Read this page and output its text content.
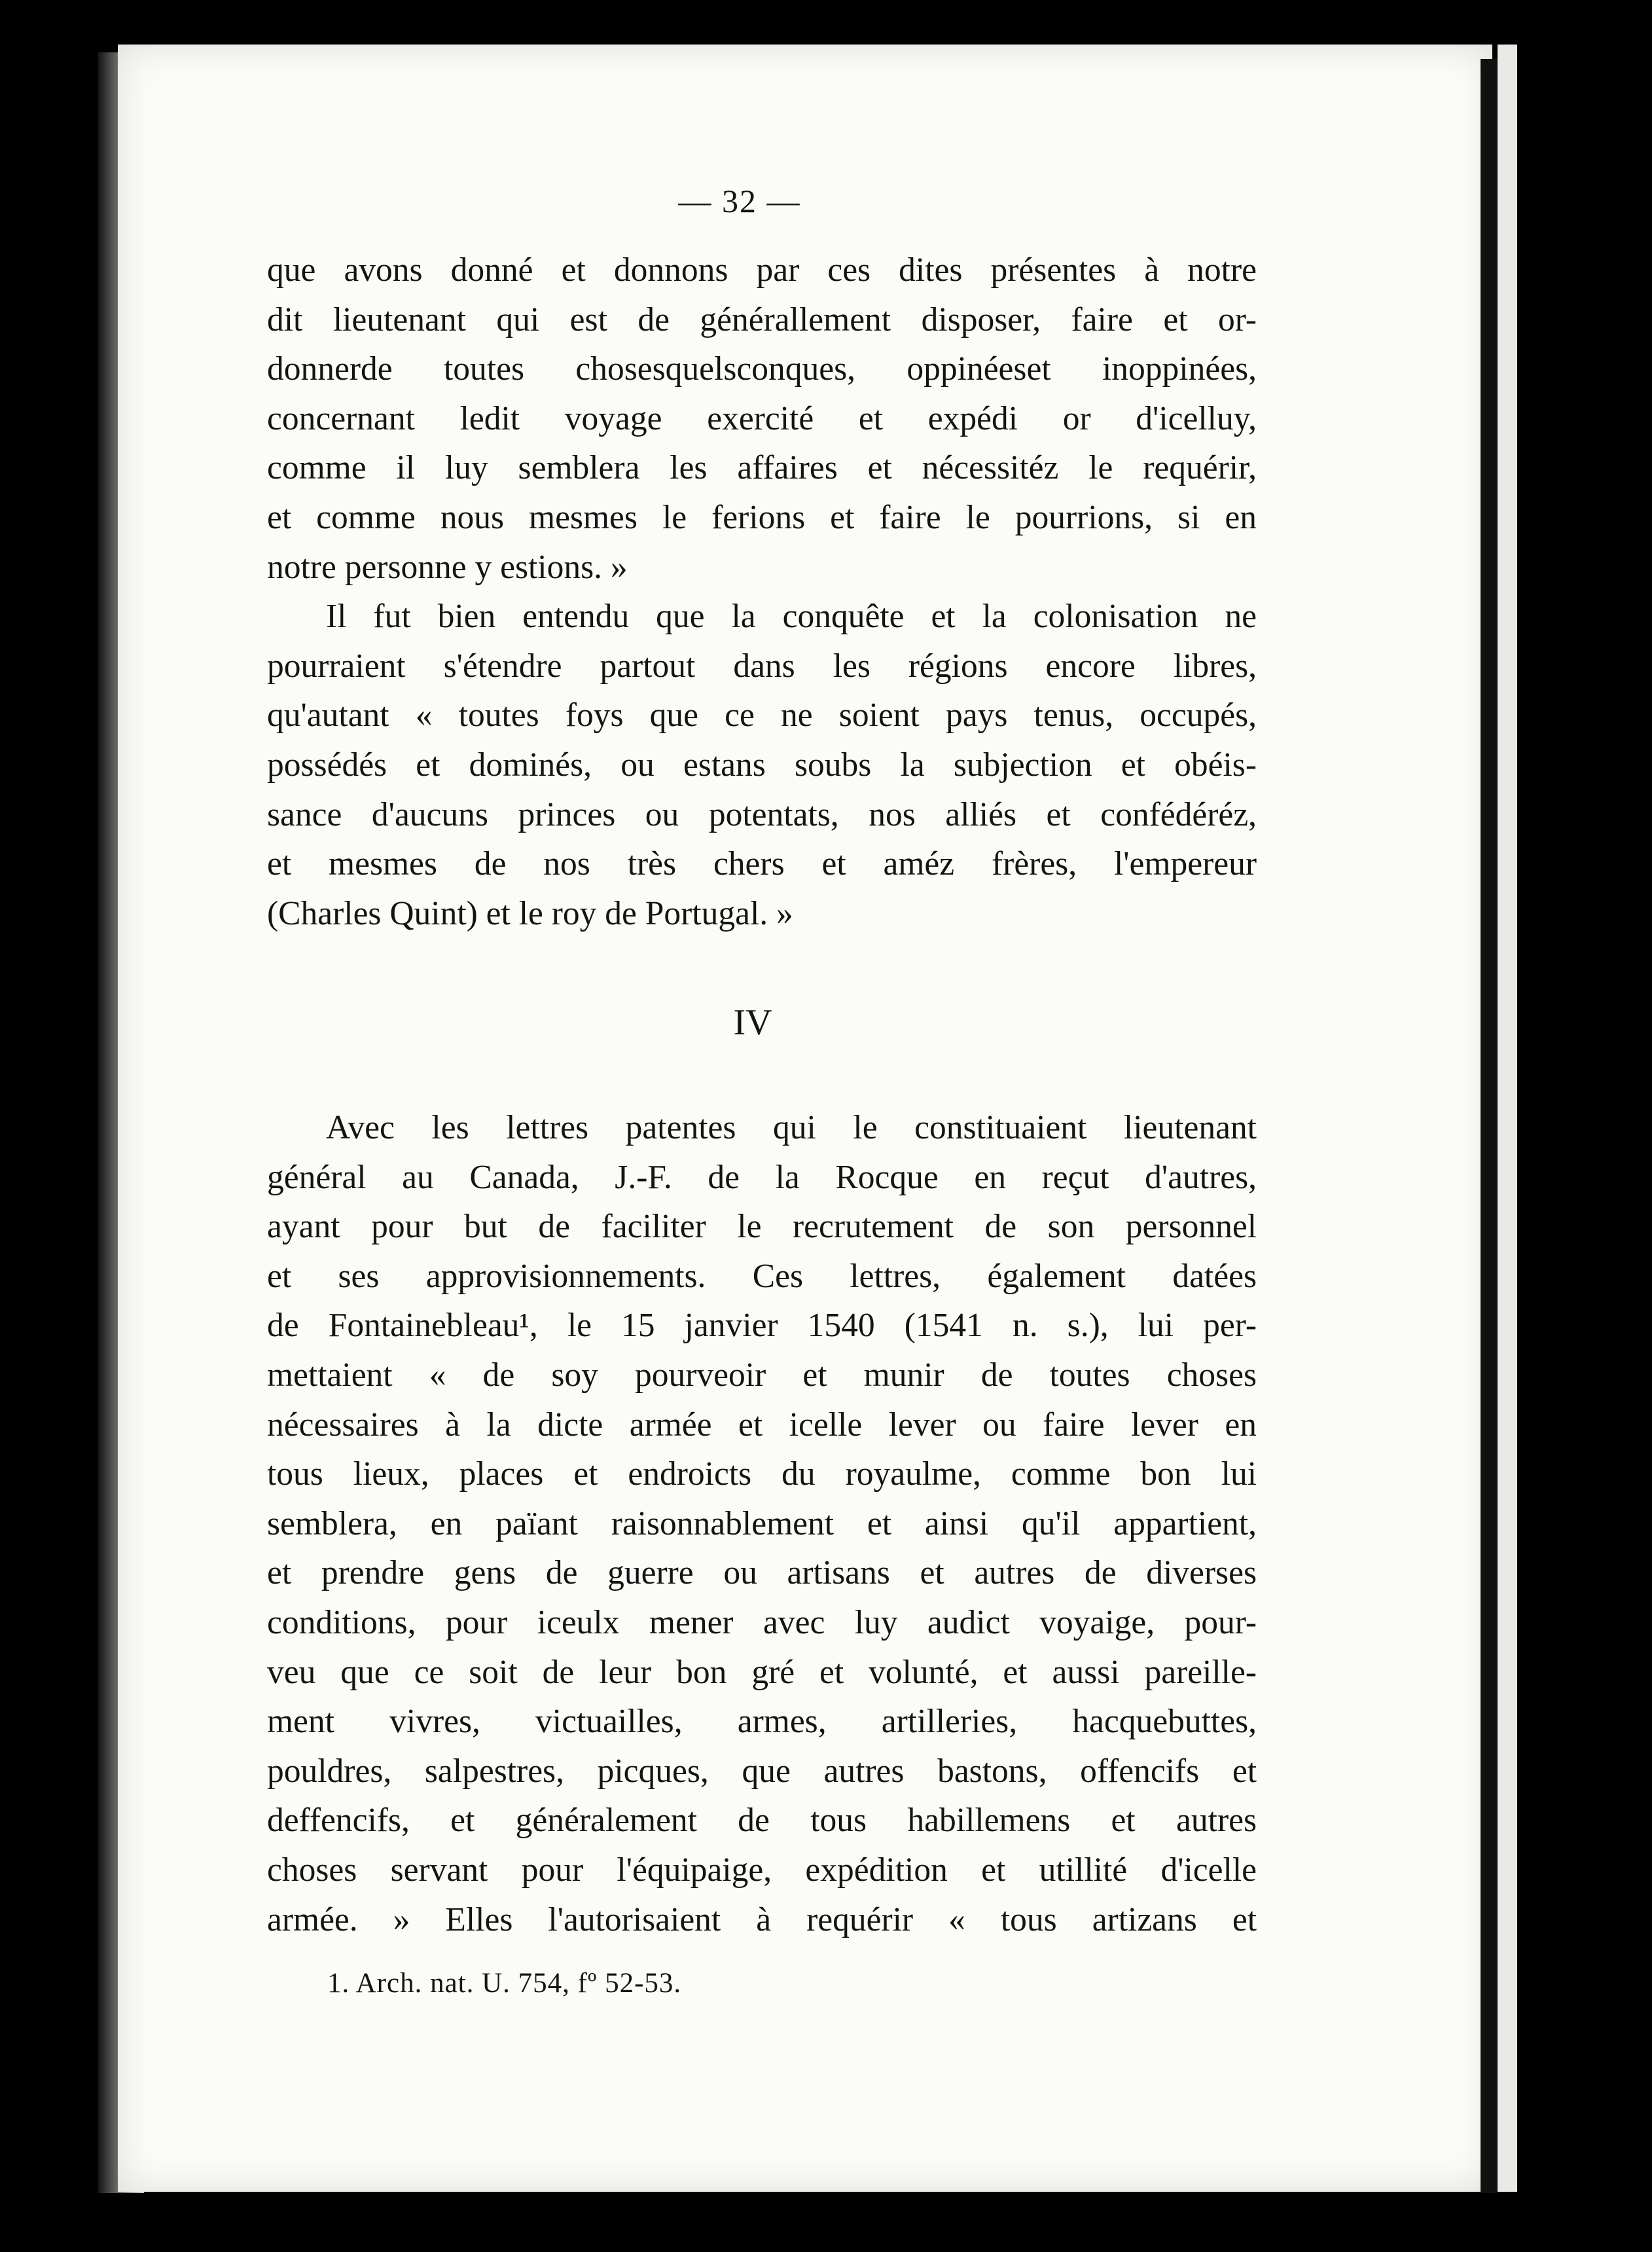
— 32 —

que avons donné et donnons par ces dites présentes à notre
dit lieutenant qui est de générallement disposer, faire et or-
donnerde toutes chosesquelsconques, oppinéeset inoppinées,
concernant ledit voyage exercité et expédi or d'icelluy,
comme il luy semblera les affaires et nécessitéz le requérir,
et comme nous mesmes le ferions et faire le pourrions, si en
notre personne y estions. »

Il fut bien entendu que la conquête et la colonisation ne
pourraient s'étendre partout dans les régions encore libres,
qu'autant « toutes foys que ce ne soient pays tenus, occupés,
possédés et dominés, ou estans soubs la subjection et obéis-
sance d'aucuns princes ou potentats, nos alliés et confédéréz,
et mesmes de nos très chers et améz frères, l'empereur
(Charles Quint) et le roy de Portugal. »

IV

Avec les lettres patentes qui le constituaient lieutenant
général au Canada, J.-F. de la Rocque en reçut d'autres,
ayant pour but de faciliter le recrutement de son personnel
et ses approvisionnements. Ces lettres, également datées
de Fontainebleau¹, le 15 janvier 1540 (1541 n. s.), lui per-
mettaient « de soy pourveoir et munir de toutes choses
nécessaires à la dicte armée et icelle lever ou faire lever en
tous lieux, places et endroicts du royaulme, comme bon lui
semblera, en païant raisonnablement et ainsi qu'il appartient,
et prendre gens de guerre ou artisans et autres de diverses
conditions, pour iceulx mener avec luy audict voyaige, pour-
veu que ce soit de leur bon gré et volunté, et aussi pareille-
ment vivres, victuailles, armes, artilleries, hacquebuttes,
pouldres, salpestres, picques, que autres bastons, offencifs et
deffencifs, et généralement de tous habillemens et autres
choses servant pour l'équipaige, expédition et utillité d'icelle
armée. » Elles l'autorisaient à requérir « tous artizans et

1. Arch. nat. U. 754, fº 52-53.
